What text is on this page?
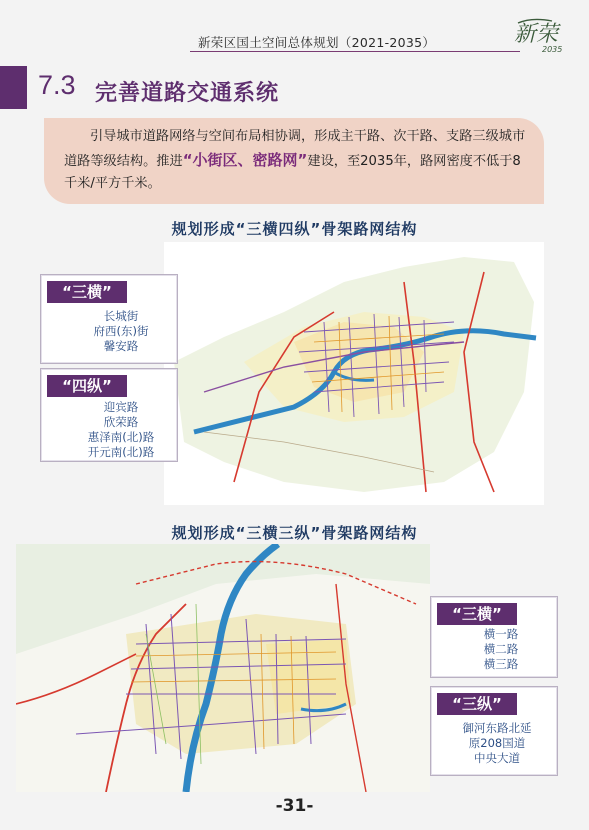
新荣区国土空间总体规划（2021-2035）	新荣
2035
7.3 完善道路交通系统
引导城市道路网络与空间布局相协调，形成主干路、次干路、支路三级城市道路等级结构。推进“小街区、密路网”建设，至2035年，路网密度不低于8千米/平方千米。
规划形成“三横四纵”骨架路网结构
“三横”
长城街
府西(东)街
馨安路
“四纵”
迎宾路
欣荣路
惠泽南(北)路
开元南(北)路
规划形成“三横三纵”骨架路网结构
“三横”
横一路
横二路
横三路
“三纵”
御河东路北延
原208国道
中央大道
-31-
